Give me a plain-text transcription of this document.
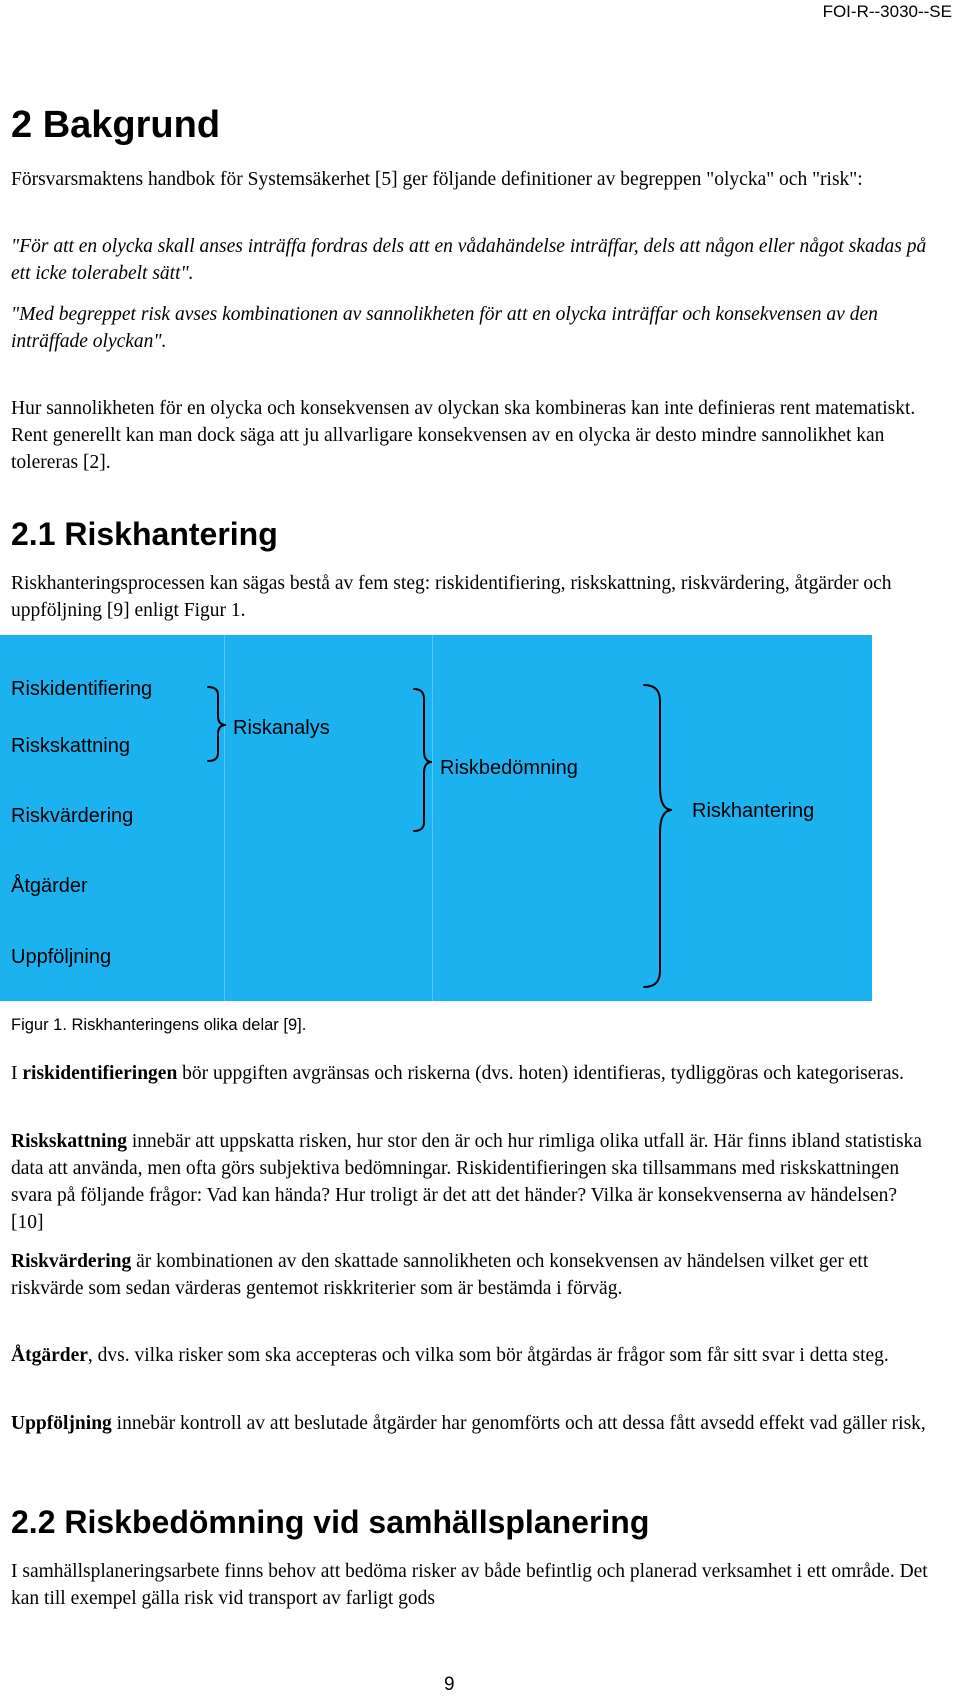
FOI-R--3030--SE
2 Bakgrund

Försvarsmaktens handbok för Systemsäkerhet [5] ger följande definitioner av begreppen "olycka" och "risk":

"För att en olycka skall anses inträffa fordras dels att en vådahändelse inträffar, dels att någon eller något skadas på ett icke tolerabelt sätt".

"Med begreppet risk avses kombinationen av sannolikheten för att en olycka inträffar och konsekvensen av den inträffade olyckan".

Hur sannolikheten för en olycka och konsekvensen av olyckan ska kombineras kan inte definieras rent matematiskt. Rent generellt kan man dock säga att ju allvarligare konsekvensen av en olycka är desto mindre sannolikhet kan tolereras [2].

2.1 Riskhantering

Riskhanteringsprocessen kan sägas bestå av fem steg: riskidentifiering, riskskattning, riskvärdering, åtgärder och uppföljning [9] enligt Figur 1.

Riskidentifiering
Riskskattning
Riskvärdering
Åtgärder
Uppföljning
Riskanalys
Riskbedömning
Riskhantering
Figur 1. Riskhanteringens olika delar [9].

I riskidentifieringen bör uppgiften avgränsas och riskerna (dvs. hoten) identifieras, tydliggöras och kategoriseras.

Riskskattning innebär att uppskatta risken, hur stor den är och hur rimliga olika utfall är. Här finns ibland statistiska data att använda, men ofta görs subjektiva bedömningar. Riskidentifieringen ska tillsammans med riskskattningen svara på följande frågor: Vad kan hända? Hur troligt är det att det händer? Vilka är konsekvenserna av händelsen? [10]

Riskvärdering är kombinationen av den skattade sannolikheten och konsekvensen av händelsen vilket ger ett riskvärde som sedan värderas gentemot riskkriterier som är bestämda i förväg.

Åtgärder, dvs. vilka risker som ska accepteras och vilka som bör åtgärdas är frågor som får sitt svar i detta steg.

Uppföljning innebär kontroll av att beslutade åtgärder har genomförts och att dessa fått avsedd effekt vad gäller risk,

2.2 Riskbedömning vid samhällsplanering

I samhällsplaneringsarbete finns behov att bedöma risker av både befintlig och planerad verksamhet i ett område. Det kan till exempel gälla risk vid transport av farligt gods

9
